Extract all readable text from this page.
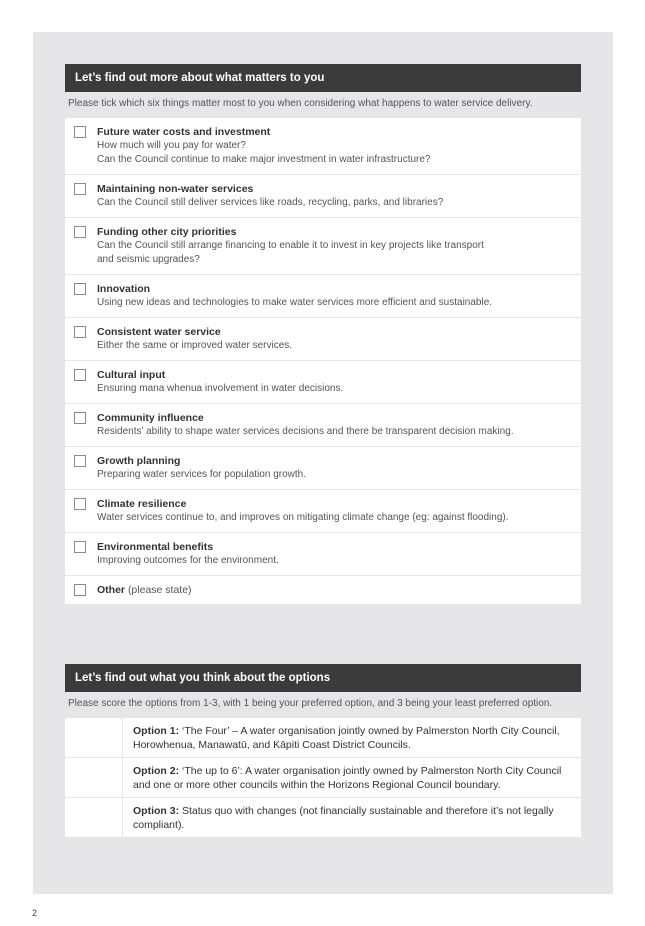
Let’s find out more about what matters to you
Please tick which six things matter most to you when considering what happens to water service delivery.
Future water costs and investment
How much will you pay for water?
Can the Council continue to make major investment in water infrastructure?
Maintaining non-water services
Can the Council still deliver services like roads, recycling, parks, and libraries?
Funding other city priorities
Can the Council still arrange financing to enable it to invest in key projects like transport
and seismic upgrades?
Innovation
Using new ideas and technologies to make water services more efficient and sustainable.
Consistent water service
Either the same or improved water services.
Cultural input
Ensuring mana whenua involvement in water decisions.
Community influence
Residents’ ability to shape water services decisions and there be transparent decision making.
Growth planning
Preparing water services for population growth.
Climate resilience
Water services continue to, and improves on mitigating climate change (eg: against flooding).
Environmental benefits
Improving outcomes for the environment.
Other (please state)
Let’s find out what you think about the options
Please score the options from 1-3, with 1 being your preferred option, and 3 being your least preferred option.
Option 1: ‘The Four’ – A water organisation jointly owned by Palmerston North City Council, Horowhenua, Manawatū, and Kāpiti Coast District Councils.
Option 2: ‘The up to 6’: A water organisation jointly owned by Palmerston North City Council and one or more other councils within the Horizons Regional Council boundary.
Option 3: Status quo with changes (not financially sustainable and therefore it’s not legally compliant).
2
